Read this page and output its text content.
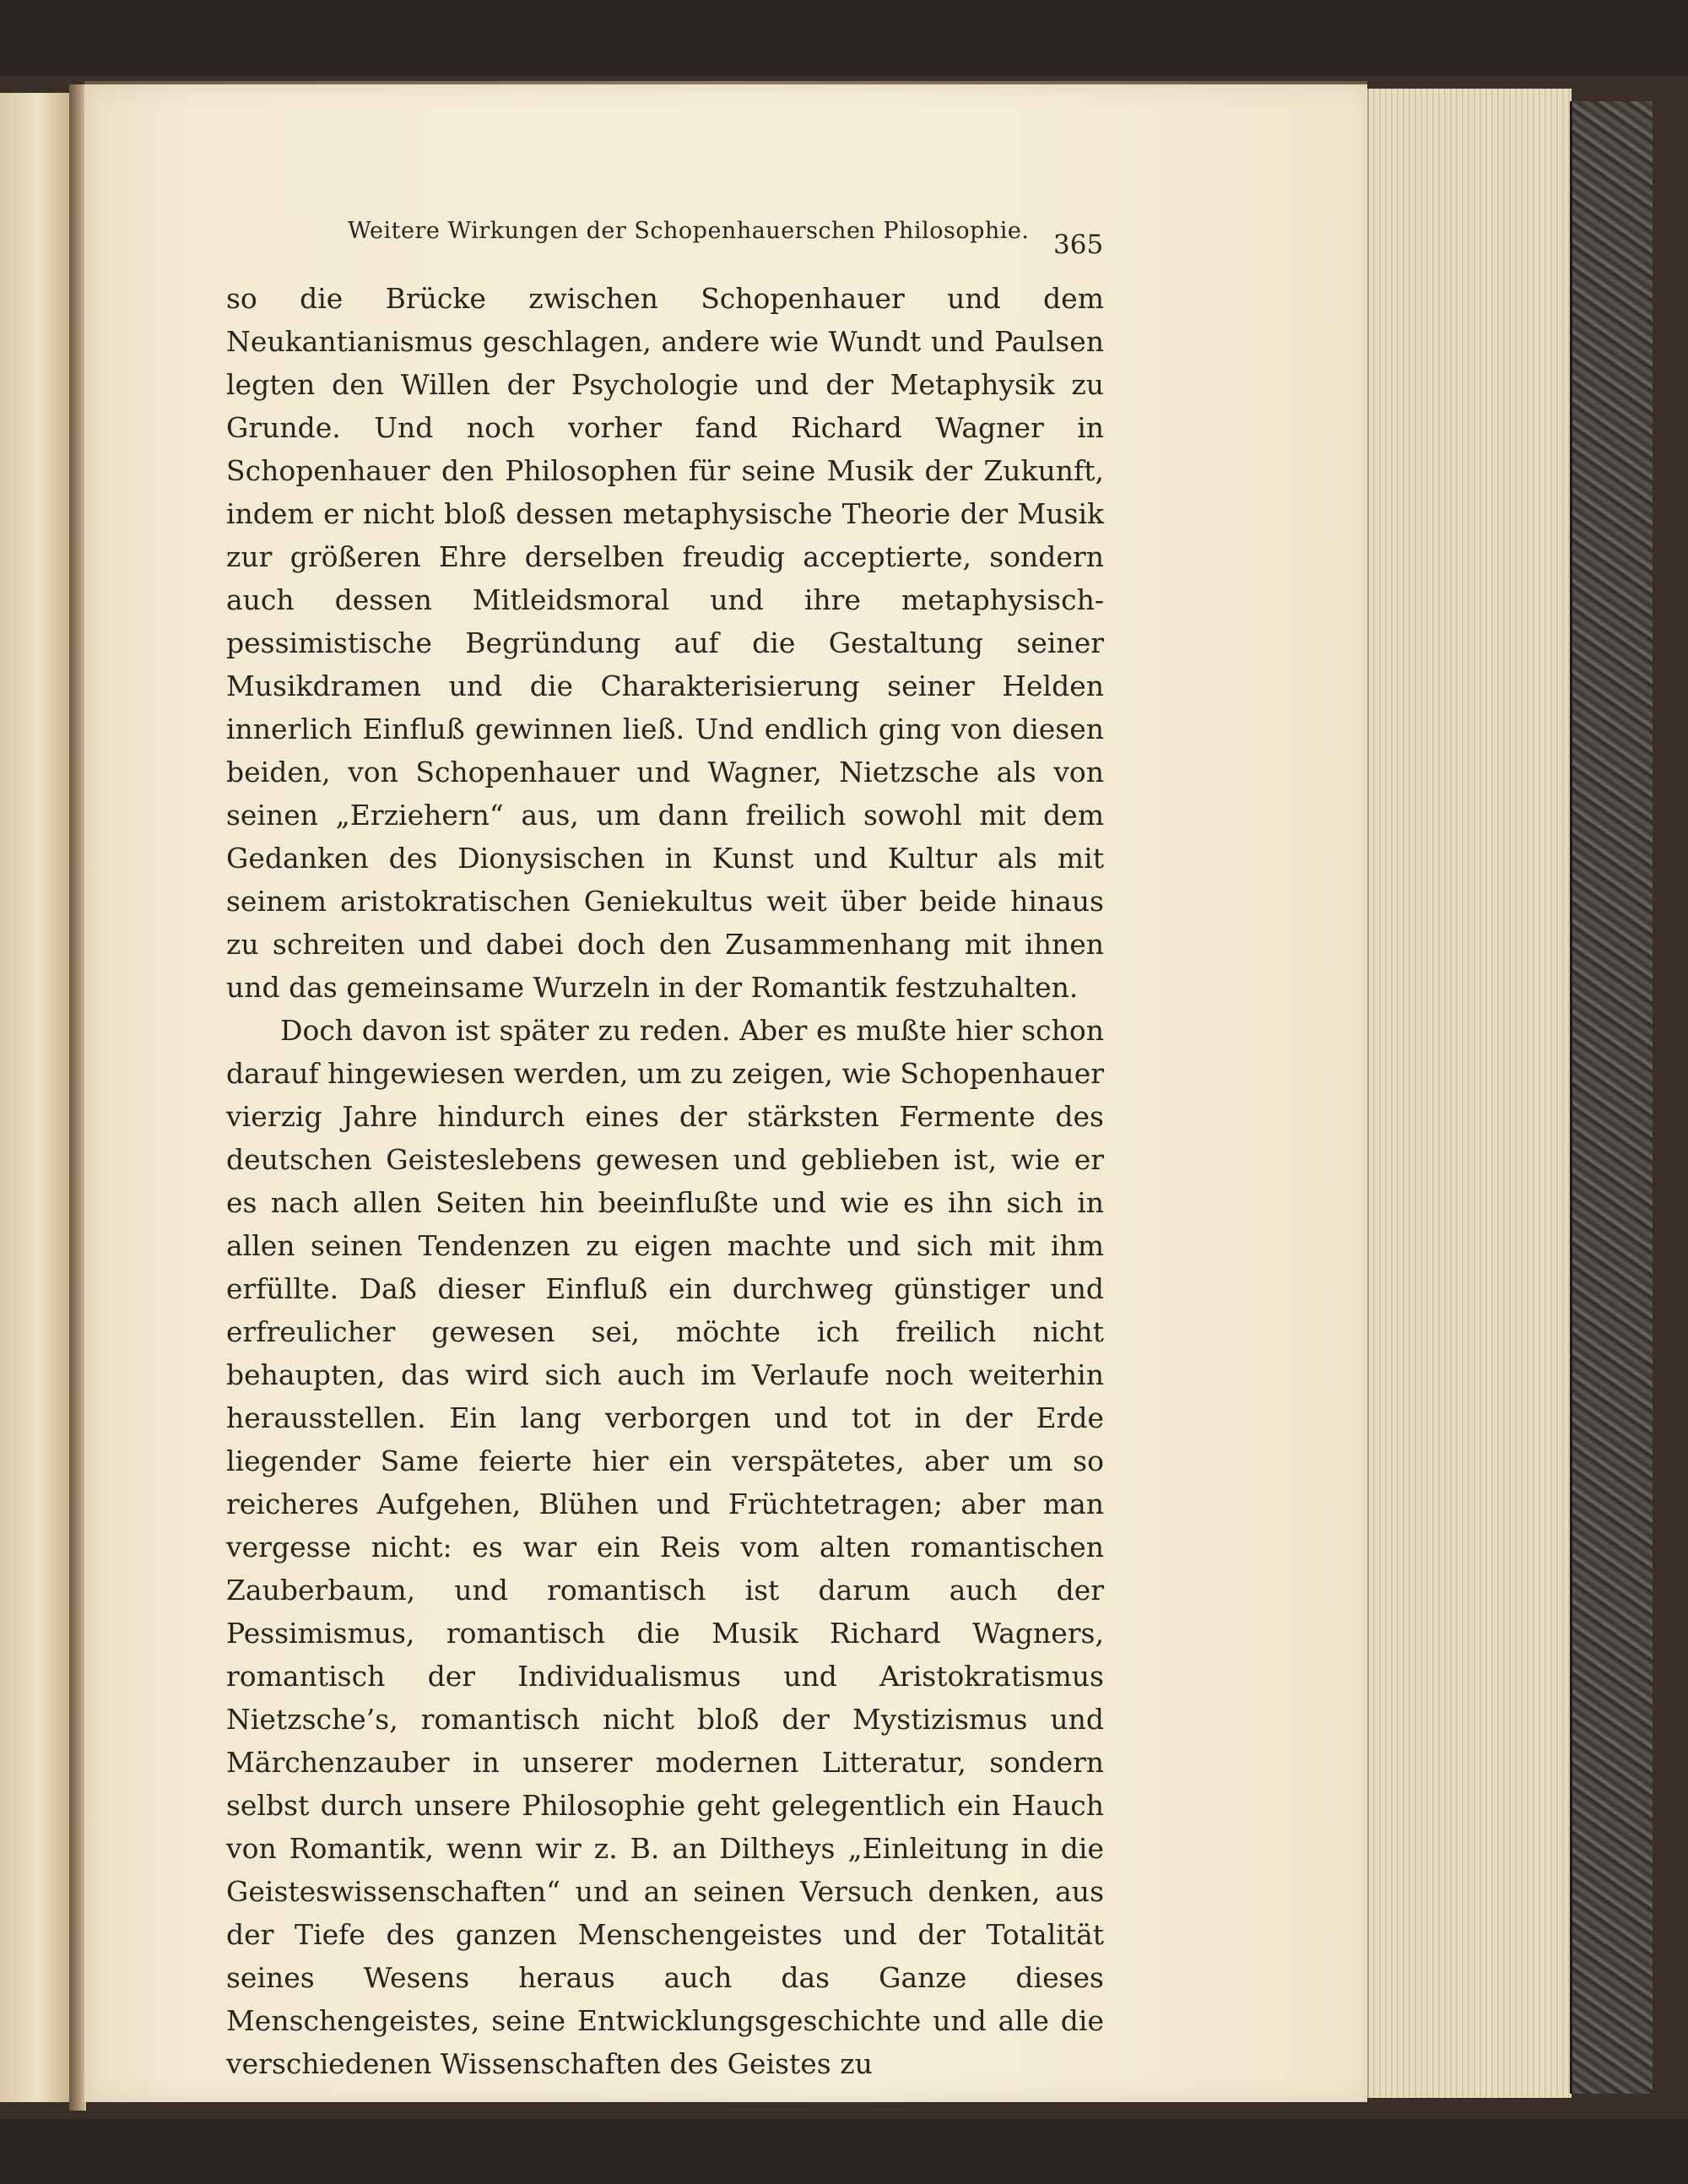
Weitere Wirkungen der Schopenhauerschen Philosophie. 365

so die Brücke zwischen Schopenhauer und dem Neukantianismus geschlagen, andere wie Wundt und Paulsen legten den Willen der Psychologie und der Metaphysik zu Grunde. Und noch vorher fand Richard Wagner in Schopenhauer den Philosophen für seine Musik der Zukunft, indem er nicht bloß dessen metaphysische Theorie der Musik zur größeren Ehre derselben freudig acceptierte, sondern auch dessen Mitleidsmoral und ihre metaphysisch-pessimistische Begründung auf die Gestaltung seiner Musikdramen und die Charakterisierung seiner Helden innerlich Einfluß gewinnen ließ. Und endlich ging von diesen beiden, von Schopenhauer und Wagner, Nietzsche als von seinen „Erziehern“ aus, um dann freilich sowohl mit dem Gedanken des Dionysischen in Kunst und Kultur als mit seinem aristokratischen Geniekultus weit über beide hinaus zu schreiten und dabei doch den Zusammenhang mit ihnen und das gemeinsame Wurzeln in der Romantik festzuhalten.

Doch davon ist später zu reden. Aber es mußte hier schon darauf hingewiesen werden, um zu zeigen, wie Schopenhauer vierzig Jahre hindurch eines der stärksten Fermente des deutschen Geisteslebens gewesen und geblieben ist, wie er es nach allen Seiten hin beeinflußte und wie es ihn sich in allen seinen Tendenzen zu eigen machte und sich mit ihm erfüllte. Daß dieser Einfluß ein durchweg günstiger und erfreulicher gewesen sei, möchte ich freilich nicht behaupten, das wird sich auch im Verlaufe noch weiterhin herausstellen. Ein lang verborgen und tot in der Erde liegender Same feierte hier ein verspätetes, aber um so reicheres Aufgehen, Blühen und Früchtetragen; aber man vergesse nicht: es war ein Reis vom alten romantischen Zauberbaum, und romantisch ist darum auch der Pessimismus, romantisch die Musik Richard Wagners, romantisch der Individualismus und Aristokratismus Nietzsche’s, romantisch nicht bloß der Mystizismus und Märchenzauber in unserer modernen Litteratur, sondern selbst durch unsere Philosophie geht gelegentlich ein Hauch von Romantik, wenn wir z. B. an Diltheys „Einleitung in die Geisteswissenschaften“ und an seinen Versuch denken, aus der Tiefe des ganzen Menschengeistes und der Totalität seines Wesens heraus auch das Ganze dieses Menschengeistes, seine Entwicklungsgeschichte und alle die verschiedenen Wissenschaften des Geistes zu
